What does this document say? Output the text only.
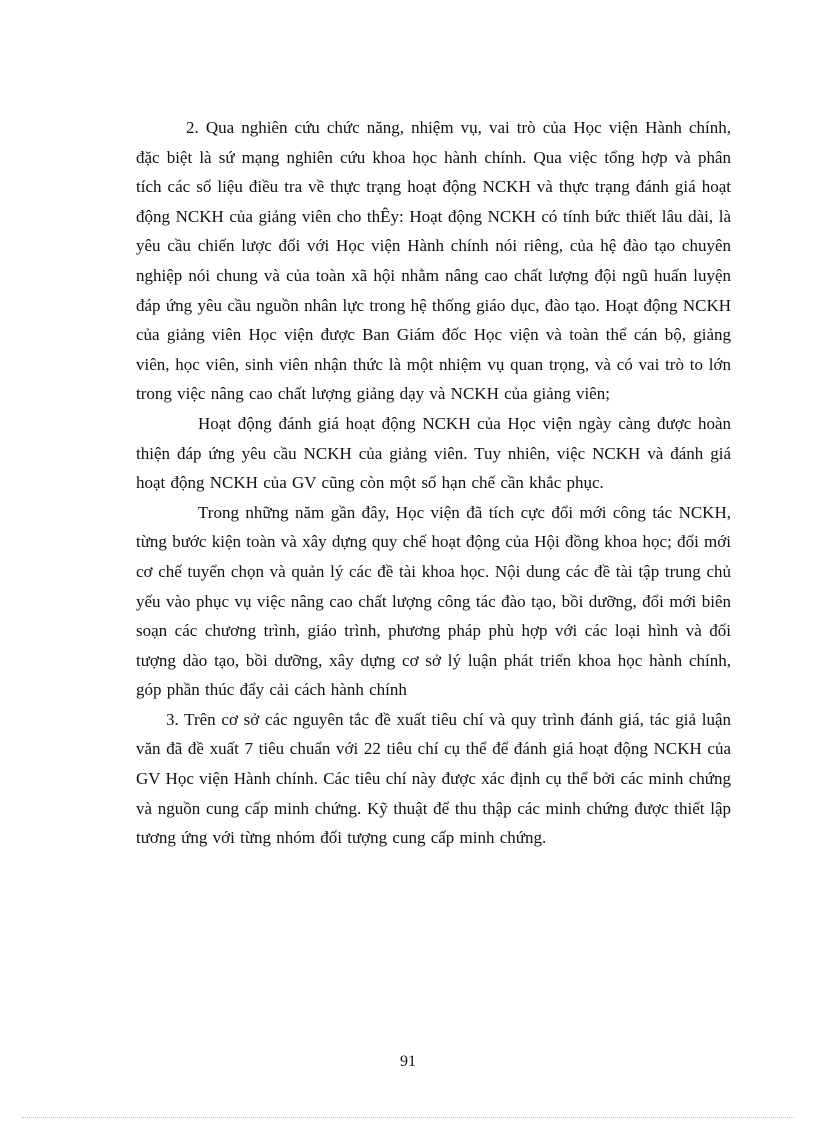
2. Qua nghiên cứu chức năng, nhiệm vụ, vai trò của Học viện Hành chính, đặc biệt là sứ mạng nghiên cứu khoa học hành chính. Qua việc tổng hợp và phân tích các số liệu điều tra về thực trạng hoạt động NCKH và thực trạng đánh giá hoạt động NCKH của giảng viên cho thÊy: Hoạt động NCKH có tính bức thiết lâu dài, là yêu cầu chiến lược đối với Học viện Hành chính nói riêng, của hệ đào tạo chuyên nghiệp nói chung và của toàn xã hội nhằm nâng cao chất lượng đội ngũ huấn luyện đáp ứng yêu cầu nguồn nhân lực trong hệ thống giáo dục, đào tạo. Hoạt động NCKH của giảng viên Học viện được Ban Giám đốc Học viện và toàn thể cán bộ, giảng viên, học viên, sinh viên nhận thức là một nhiệm vụ quan trọng, và có vai trò to lớn trong việc nâng cao chất lượng giảng dạy và NCKH của giảng viên;

Hoạt động đánh giá hoạt động NCKH của Học viện ngày càng được hoàn thiện đáp ứng yêu cầu NCKH của giảng viên. Tuy nhiên, việc NCKH và đánh giá hoạt động NCKH của GV cũng còn một số hạn chế cần khắc phục.

Trong những năm gần đây, Học viện đã tích cực đổi mới công tác NCKH, từng bước kiện toàn và xây dựng quy chế hoạt động của Hội đồng khoa học; đổi mới cơ chế tuyển chọn và quản lý các đề tài khoa học. Nội dung các đề tài tập trung chủ yếu vào phục vụ việc nâng cao chất lượng công tác đào tạo, bồi dưỡng, đổi mới biên soạn các chương trình, giáo trình, phương pháp phù hợp với các loại hình và đối tượng dào tạo, bồi dưỡng, xây dựng cơ sở lý luận phát triển khoa học hành chính, góp phần thúc đẩy cải cách hành chính

3. Trên cơ sở các nguyên tắc đề xuất tiêu chí và quy trình đánh giá, tác giả luận văn đã đề xuất 7 tiêu chuẩn với 22 tiêu chí cụ thể để đánh giá hoạt động NCKH của GV Học viện Hành chính. Các tiêu chí này được xác định cụ thể bởi các minh chứng và nguồn cung cấp minh chứng. Kỹ thuật để thu thập các minh chứng được thiết lập tương ứng với từng nhóm đối tượng cung cấp minh chứng.

91
